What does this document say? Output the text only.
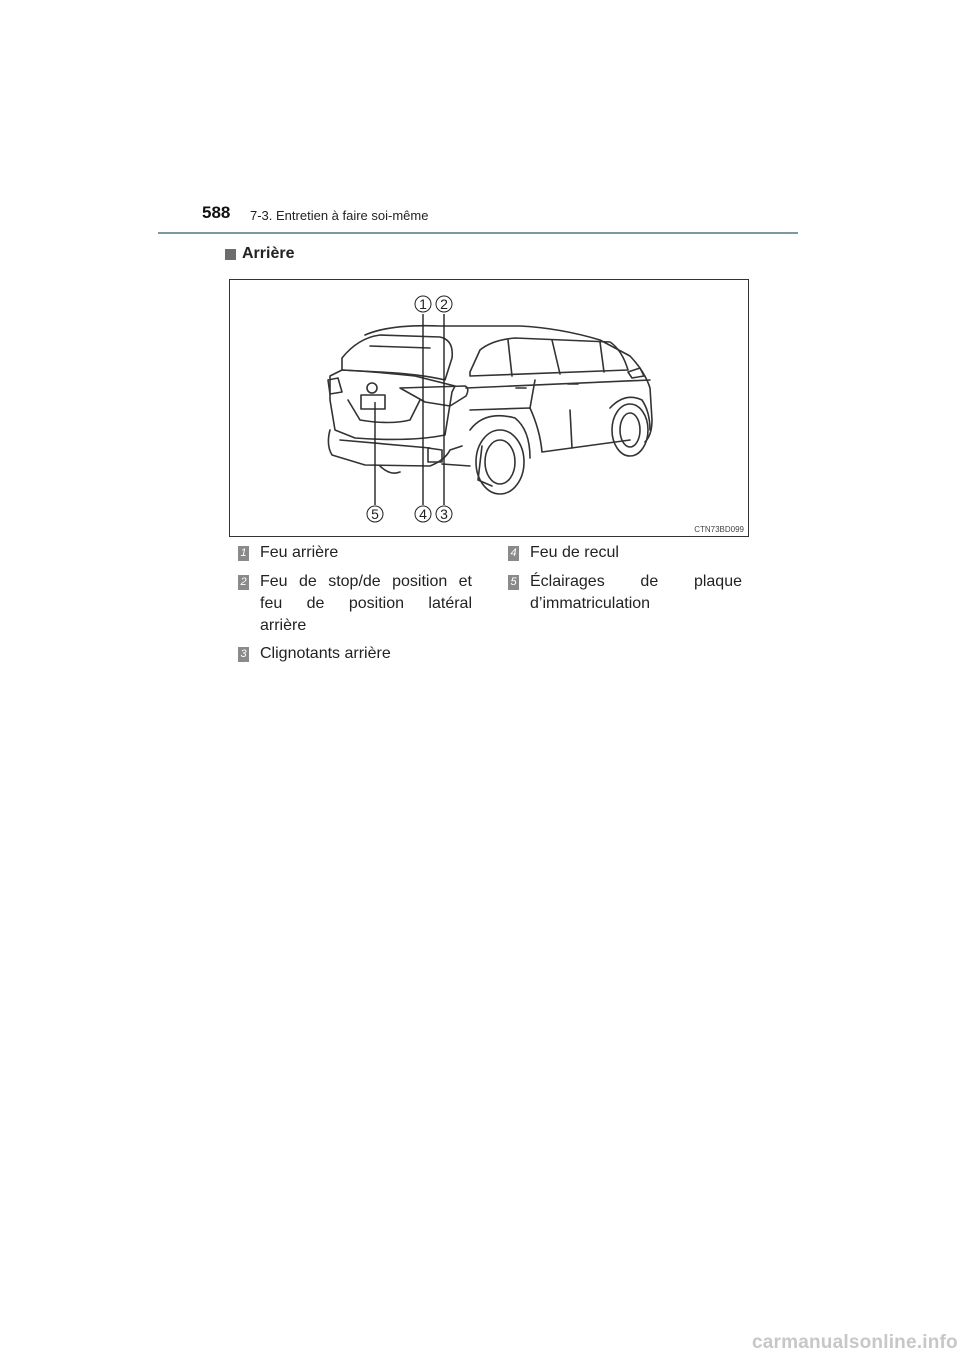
588 7-3. Entretien à faire soi-même
Arrière
1 2
5	4 3
CTN73BD099
1 Feu arrière
2 Feu de stop/de position et
feu de position latéral
arrière
3 Clignotants arrière
4 Feu de recul
5 Éclairages de plaque
d’immatriculation
carmanualsonline.info
